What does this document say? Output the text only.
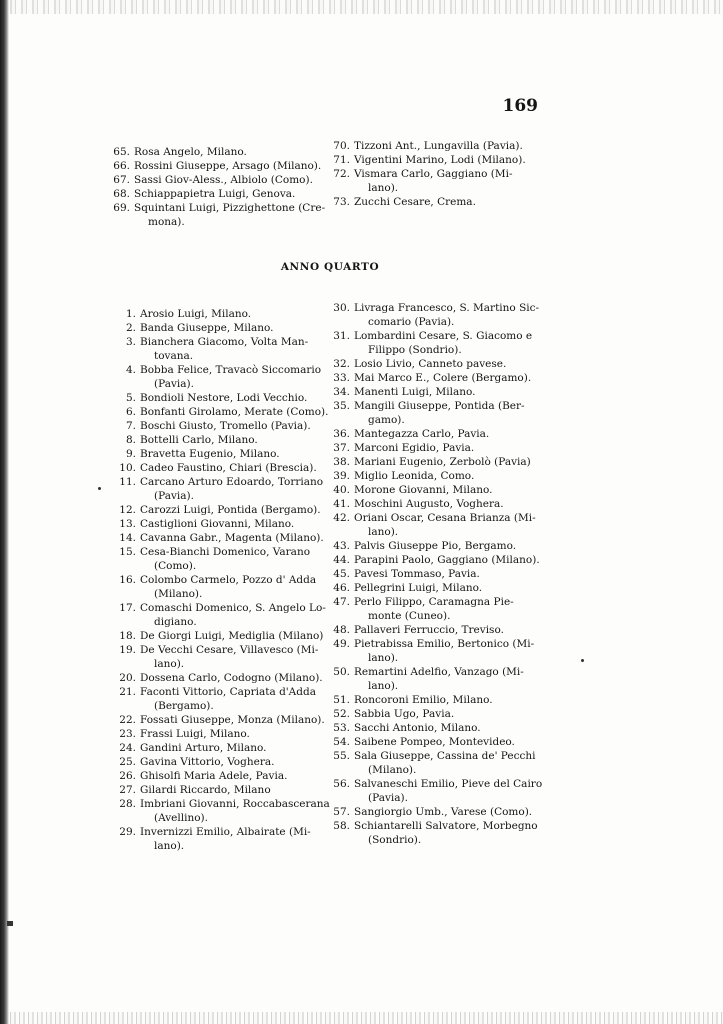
169
65. Rosa Angelo, Milano.
66. Rossini Giuseppe, Arsago (Milano).
67. Sassi Giov-Aless., Albiolo (Como).
68. Schiappapietra Luigi, Genova.
69. Squintani Luigi, Pizzighettone (Cre-
mona).
70. Tizzoni Ant., Lungavilla (Pavia).
71. Vigentini Marino, Lodi (Milano).
72. Vismara Carlo, Gaggiano (Mi-
lano).
73. Zucchi Cesare, Crema.
ANNO QUARTO
1. Arosio Luigi, Milano.
2. Banda Giuseppe, Milano.
3. Bianchera Giacomo, Volta Man-
tovana.
4. Bobba Felice, Travacò Siccomario
(Pavia).
5. Bondioli Nestore, Lodi Vecchio.
6. Bonfanti Girolamo, Merate (Como).
7. Boschi Giusto, Tromello (Pavia).
8. Bottelli Carlo, Milano.
9. Bravetta Eugenio, Milano.
10. Cadeo Faustino, Chiari (Brescia).
11. Carcano Arturo Edoardo, Torriano
(Pavia).
12. Carozzi Luigi, Pontida (Bergamo).
13. Castiglioni Giovanni, Milano.
14. Cavanna Gabr., Magenta (Milano).
15. Cesa-Bianchi Domenico, Varano
(Como).
16. Colombo Carmelo, Pozzo d' Adda
(Milano).
17. Comaschi Domenico, S. Angelo Lo-
digiano.
18. De Giorgi Luigi, Mediglia (Milano)
19. De Vecchi Cesare, Villavesco (Mi-
lano).
20. Dossena Carlo, Codogno (Milano).
21. Faconti Vittorio, Capriata d'Adda
(Bergamo).
22. Fossati Giuseppe, Monza (Milano).
23. Frassi Luigi, Milano.
24. Gandini Arturo, Milano.
25. Gavina Vittorio, Voghera.
26. Ghisolfi Maria Adele, Pavia.
27. Gilardi Riccardo, Milano
28. Imbriani Giovanni, Roccabascerana
(Avellino).
29. Invernizzi Emilio, Albairate (Mi-
lano).
30. Livraga Francesco, S. Martino Sic-
comario (Pavia).
31. Lombardini Cesare, S. Giacomo e
Filippo (Sondrio).
32. Losio Livio, Canneto pavese.
33. Mai Marco E., Colere (Bergamo).
34. Manenti Luigi, Milano.
35. Mangili Giuseppe, Pontida (Ber-
gamo).
36. Mantegazza Carlo, Pavia.
37. Marconi Egidio, Pavia.
38. Mariani Eugenio, Zerbolò (Pavia)
39. Miglio Leonida, Como.
40. Morone Giovanni, Milano.
41. Moschini Augusto, Voghera.
42. Oriani Oscar, Cesana Brianza (Mi-
lano).
43. Palvis Giuseppe Pio, Bergamo.
44. Parapini Paolo, Gaggiano (Milano).
45. Pavesi Tommaso, Pavia.
46. Pellegrini Luigi, Milano.
47. Perlo Filippo, Caramagna Pie-
monte (Cuneo).
48. Pallaveri Ferruccio, Treviso.
49. Pietrabissa Emilio, Bertonico (Mi-
lano).
50. Remartini Adelfio, Vanzago (Mi-
lano).
51. Roncoroni Emilio, Milano.
52. Sabbia Ugo, Pavia.
53. Sacchi Antonio, Milano.
54. Saibene Pompeo, Montevideo.
55. Sala Giuseppe, Cassina de' Pecchi
(Milano).
56. Salvaneschi Emilio, Pieve del Cairo
(Pavia).
57. Sangiorgio Umb., Varese (Como).
58. Schiantarelli Salvatore, Morbegno
(Sondrio).
